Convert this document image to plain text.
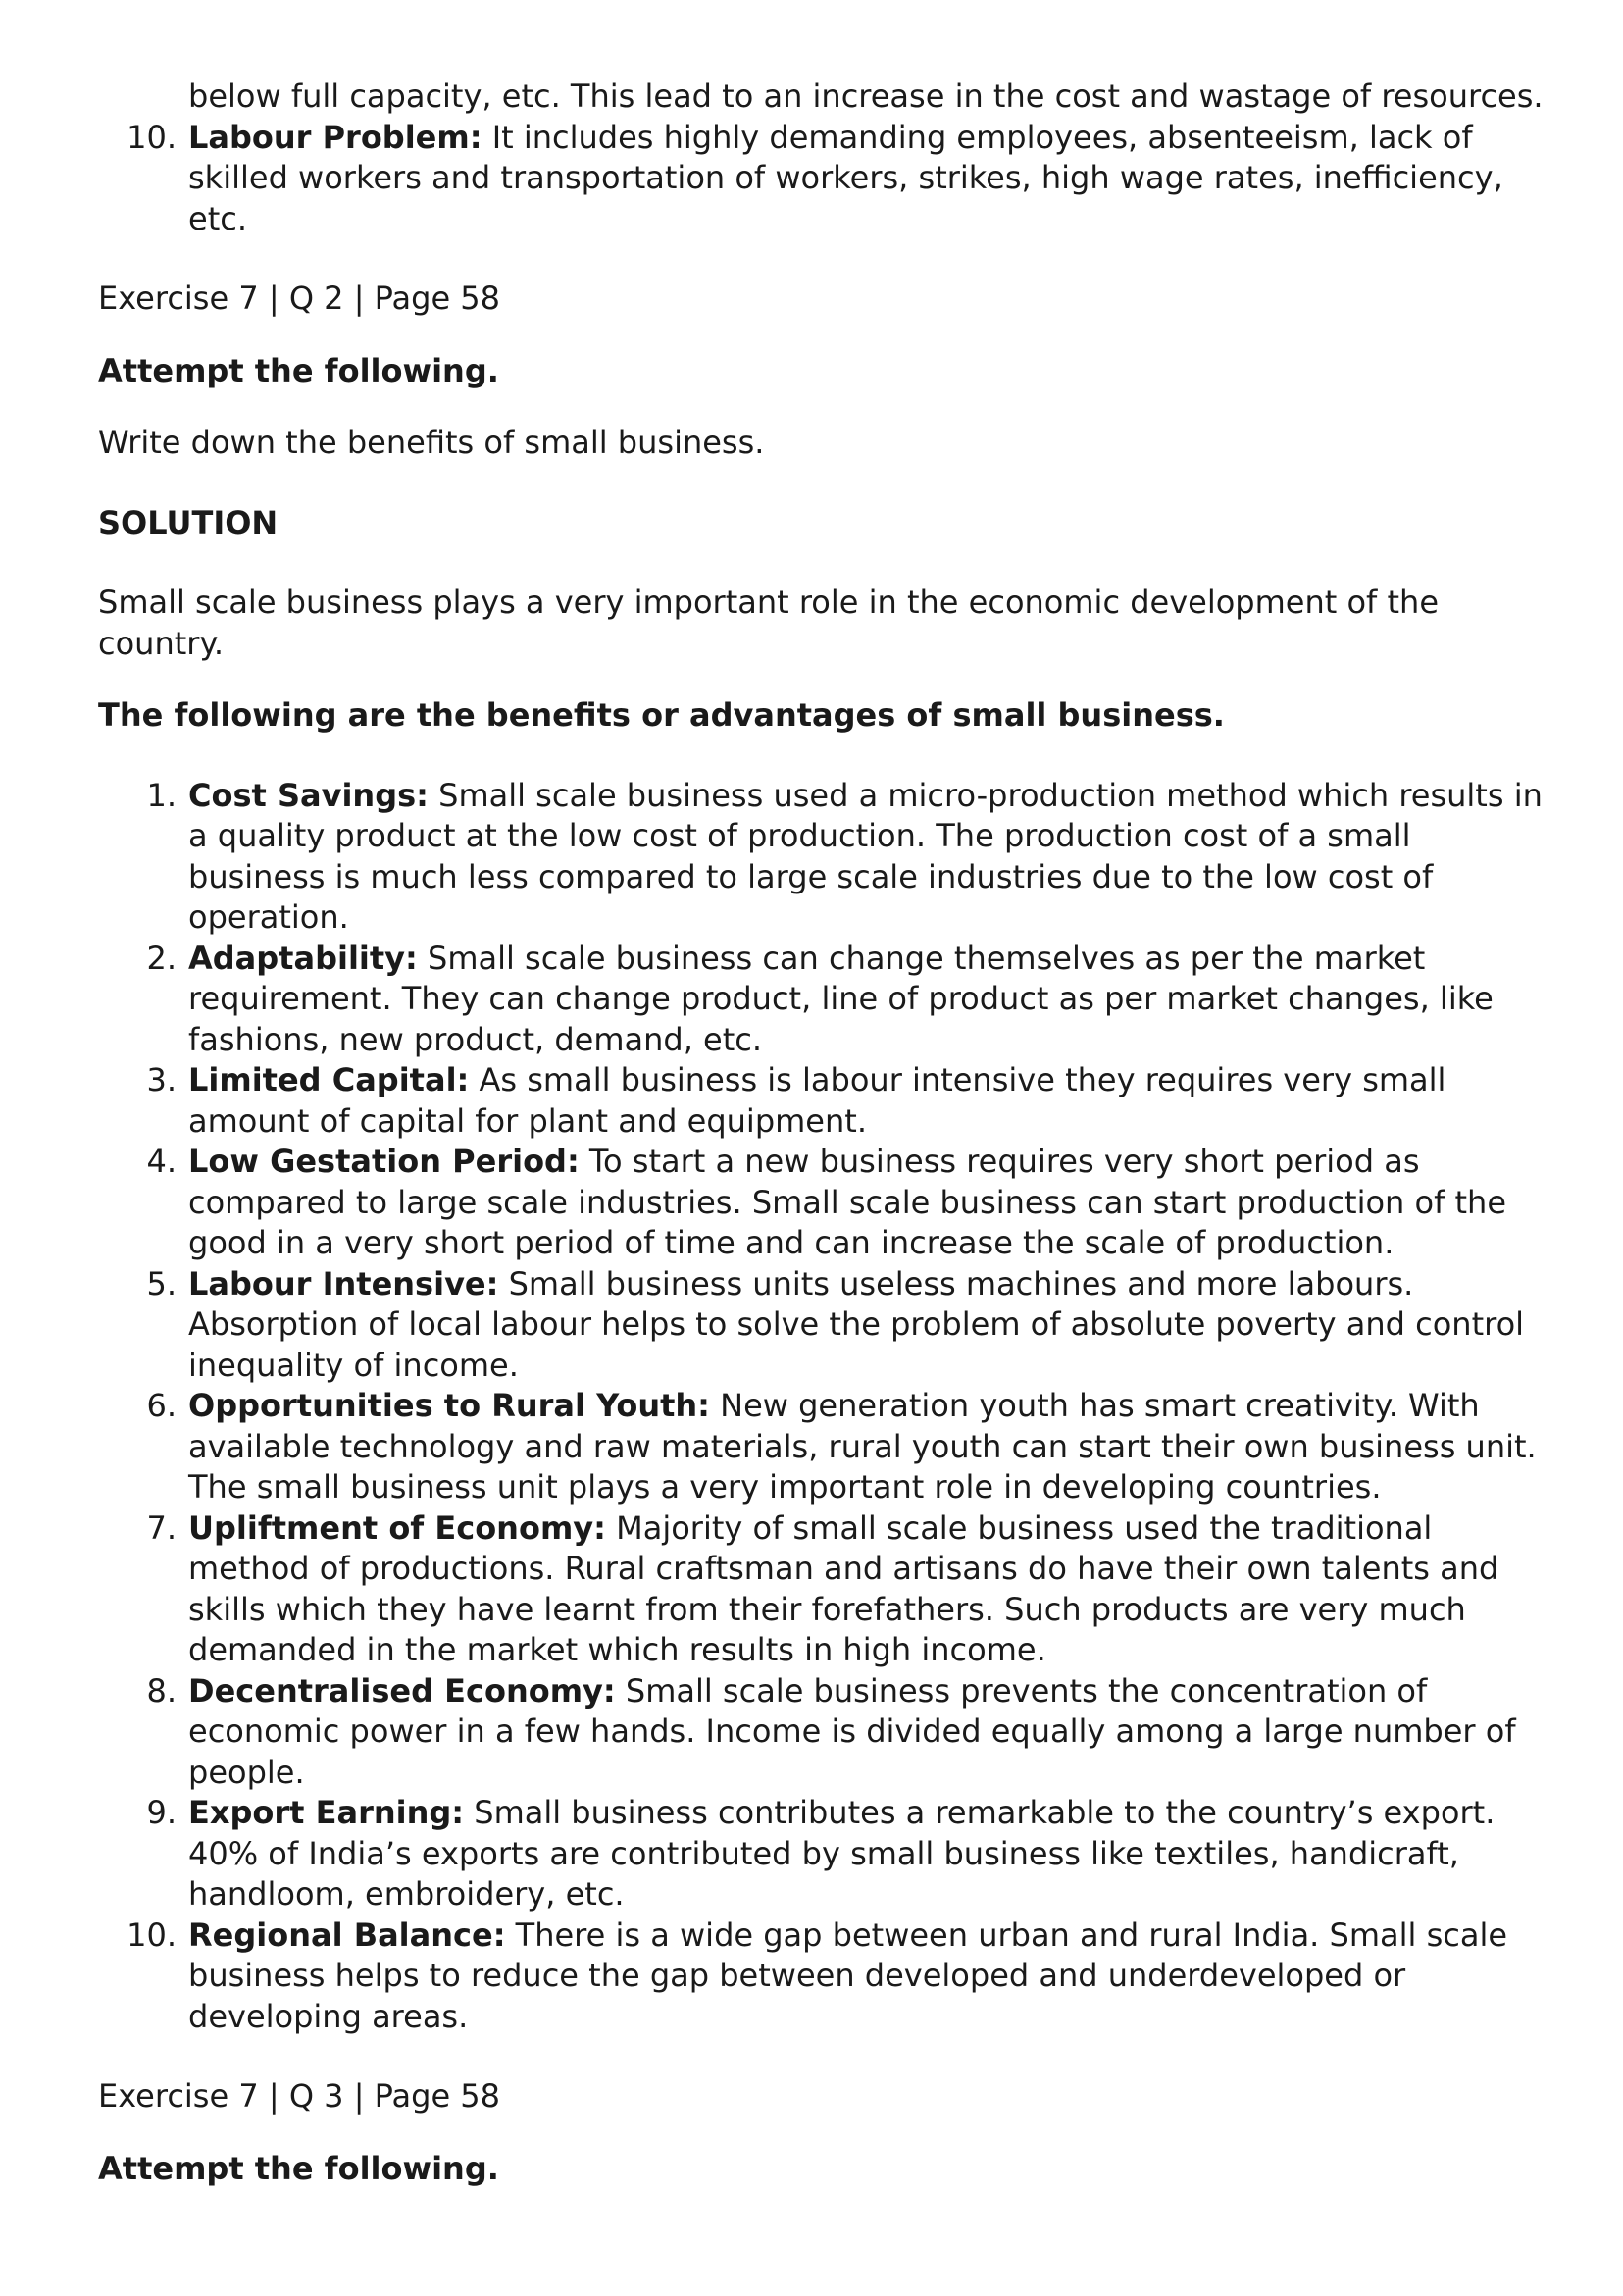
below full capacity, etc. This lead to an increase in the cost and wastage of resources.
10. Labour Problem: It includes highly demanding employees, absenteeism, lack of skilled workers and transportation of workers, strikes, high wage rates, inefficiency, etc.

Exercise 7 | Q 2 | Page 58

Attempt the following.

Write down the benefits of small business.

SOLUTION

Small scale business plays a very important role in the economic development of the country.

The following are the benefits or advantages of small business.

1. Cost Savings: Small scale business used a micro-production method which results in a quality product at the low cost of production. The production cost of a small business is much less compared to large scale industries due to the low cost of operation.
2. Adaptability: Small scale business can change themselves as per the market requirement. They can change product, line of product as per market changes, like fashions, new product, demand, etc.
3. Limited Capital: As small business is labour intensive they requires very small amount of capital for plant and equipment.
4. Low Gestation Period: To start a new business requires very short period as compared to large scale industries. Small scale business can start production of the good in a very short period of time and can increase the scale of production.
5. Labour Intensive: Small business units useless machines and more labours. Absorption of local labour helps to solve the problem of absolute poverty and control inequality of income.
6. Opportunities to Rural Youth: New generation youth has smart creativity. With available technology and raw materials, rural youth can start their own business unit. The small business unit plays a very important role in developing countries.
7. Upliftment of Economy: Majority of small scale business used the traditional method of productions. Rural craftsman and artisans do have their own talents and skills which they have learnt from their forefathers. Such products are very much demanded in the market which results in high income.
8. Decentralised Economy: Small scale business prevents the concentration of economic power in a few hands. Income is divided equally among a large number of people.
9. Export Earning: Small business contributes a remarkable to the country’s export. 40% of India’s exports are contributed by small business like textiles, handicraft, handloom, embroidery, etc.
10. Regional Balance: There is a wide gap between urban and rural India. Small scale business helps to reduce the gap between developed and underdeveloped or developing areas.

Exercise 7 | Q 3 | Page 58

Attempt the following.
